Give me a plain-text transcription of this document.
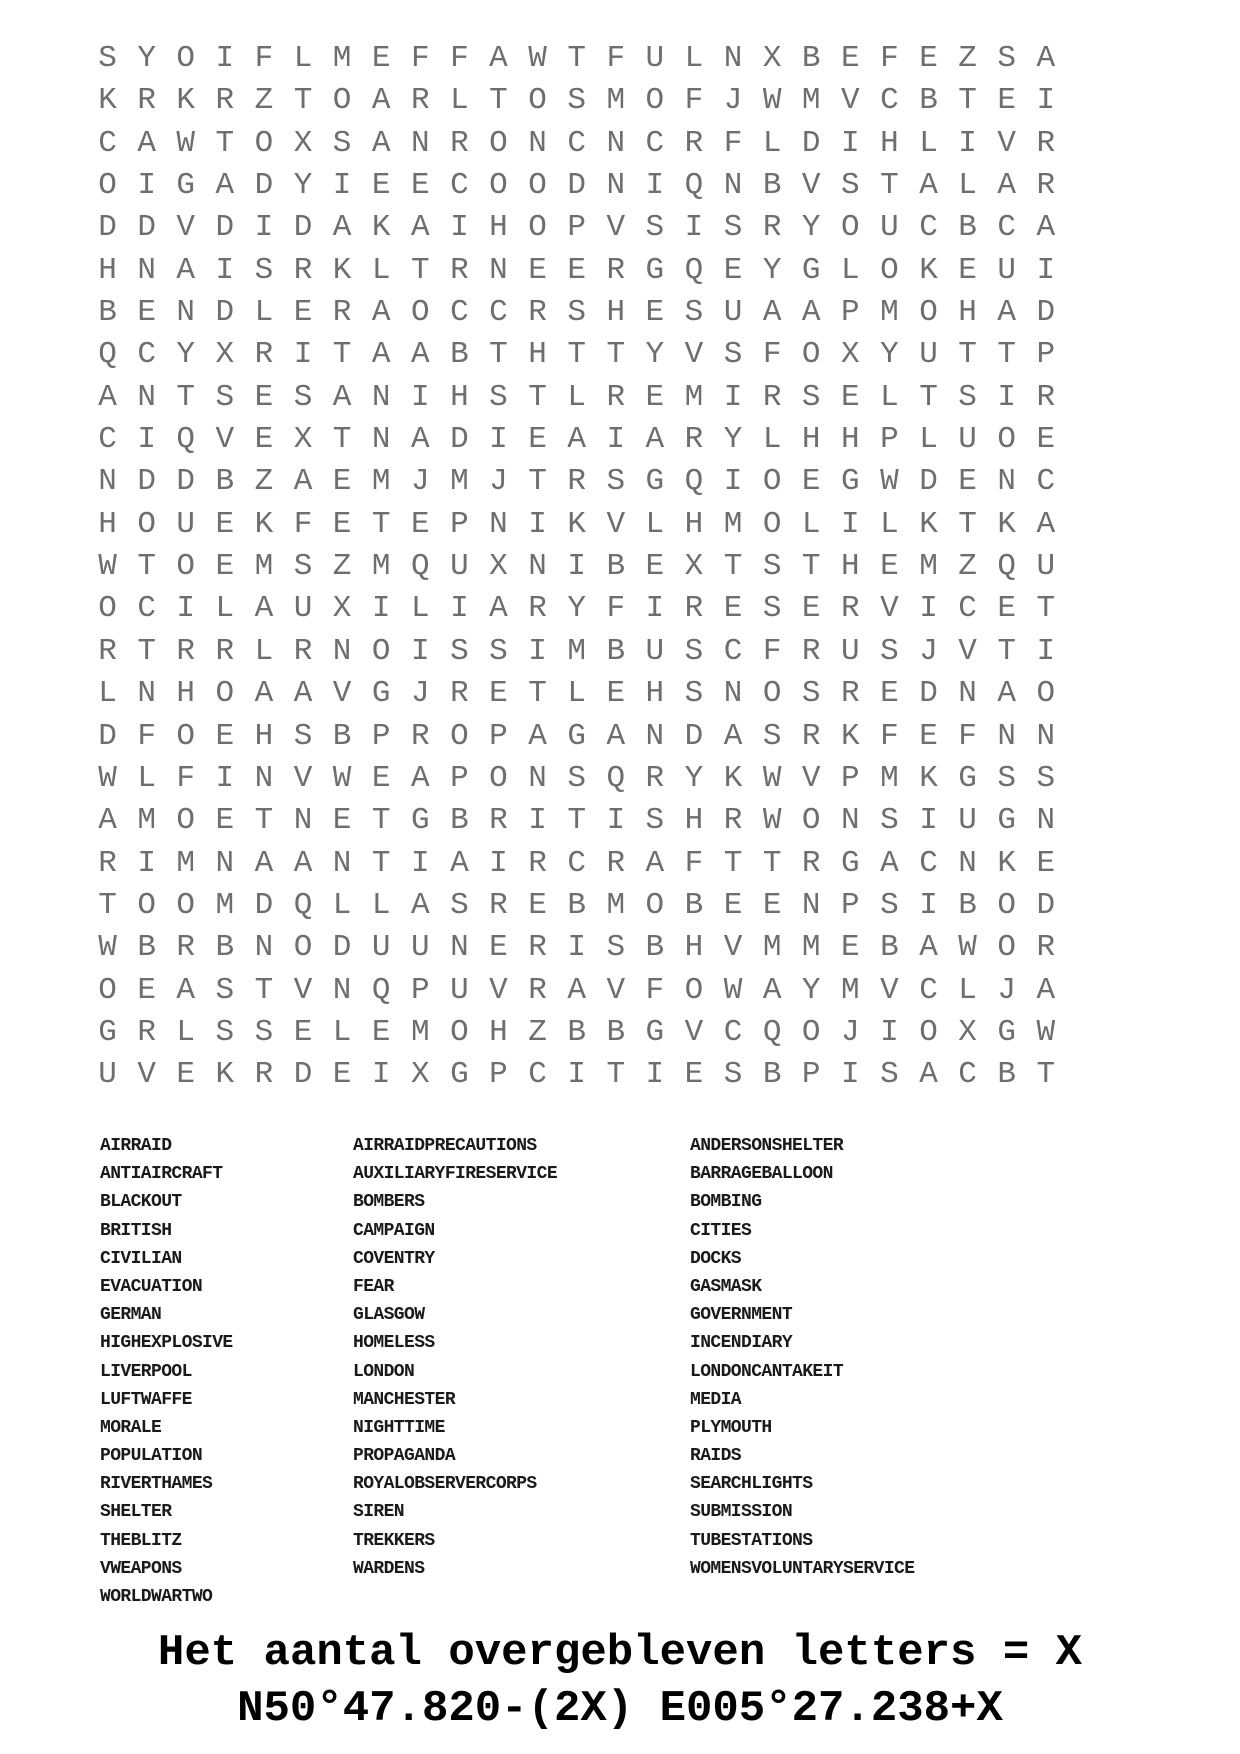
S Y O I F L M E F F A W T F U L N X B E F E Z S A
K R K R Z T O A R L T O S M O F J W M V C B T E I
C A W T O X S A N R O N C N C R F L D I H L I V R
O I G A D Y I E E C O O D N I Q N B V S T A L A R
D D V D I D A K A I H O P V S I S R Y O U C B C A
H N A I S R K L T R N E E R G Q E Y G L O K E U I
B E N D L E R A O C C R S H E S U A A P M O H A D
Q C Y X R I T A A B T H T T Y V S F O X Y U T T P
A N T S E S A N I H S T L R E M I R S E L T S I R
C I Q V E X T N A D I E A I A R Y L H H P L U O E
N D D B Z A E M J M J T R S G Q I O E G W D E N C
H O U E K F E T E P N I K V L H M O L I L K T K A
W T O E M S Z M Q U X N I B E X T S T H E M Z Q U
O C I L A U X I L I A R Y F I R E S E R V I C E T
R T R R L R N O I S S I M B U S C F R U S J V T I
L N H O A A V G J R E T L E H S N O S R E D N A O
D F O E H S B P R O P A G A N D A S R K F E F N N
W L F I N V W E A P O N S Q R Y K W V P M K G S S
A M O E T N E T G B R I T I S H R W O N S I U G N
R I M N A A N T I A I R C R A F T T R G A C N K E
T O O M D Q L L A S R E B M O B E E N P S I B O D
W B R B N O D U U N E R I S B H V M M E B A W O R
O E A S T V N Q P U V R A V F O W A Y M V C L J A
G R L S S E L E M O H Z B B G V C Q O J I O X G W
U V E K R D E I X G P C I T I E S B P I S A C B T
AIRRAID
ANTIAIRCRAFT
BLACKOUT
BRITISH
CIVILIAN
EVACUATION
GERMAN
HIGHEXPLOSIVE
LIVERPOOL
LUFTWAFFE
MORALE
POPULATION
RIVERTHAMES
SHELTER
THEBLITZ
VWEAPONS
WORLDWARTWO
AIRRAIDPRECAUTIONS
AUXILIARYFIRESERVICE
BOMBERS
CAMPAIGN
COVENTRY
FEAR
GLASGOW
HOMELESS
LONDON
MANCHESTER
NIGHTTIME
PROPAGANDA
ROYALOBSERVERCORPS
SIREN
TREKKERS
WARDENS
ANDERSONSHELTER
BARRAGEBALLOON
BOMBING
CITIES
DOCKS
GASMASK
GOVERNMENT
INCENDIARY
LONDONCANTAKEIT
MEDIA
PLYMOUTH
RAIDS
SEARCHLIGHTS
SUBMISSION
TUBESTATIONS
WOMENSVOLUNTARYSERVICE
Het aantal overgebleven letters = X
N50°47.820-(2X) E005°27.238+X
